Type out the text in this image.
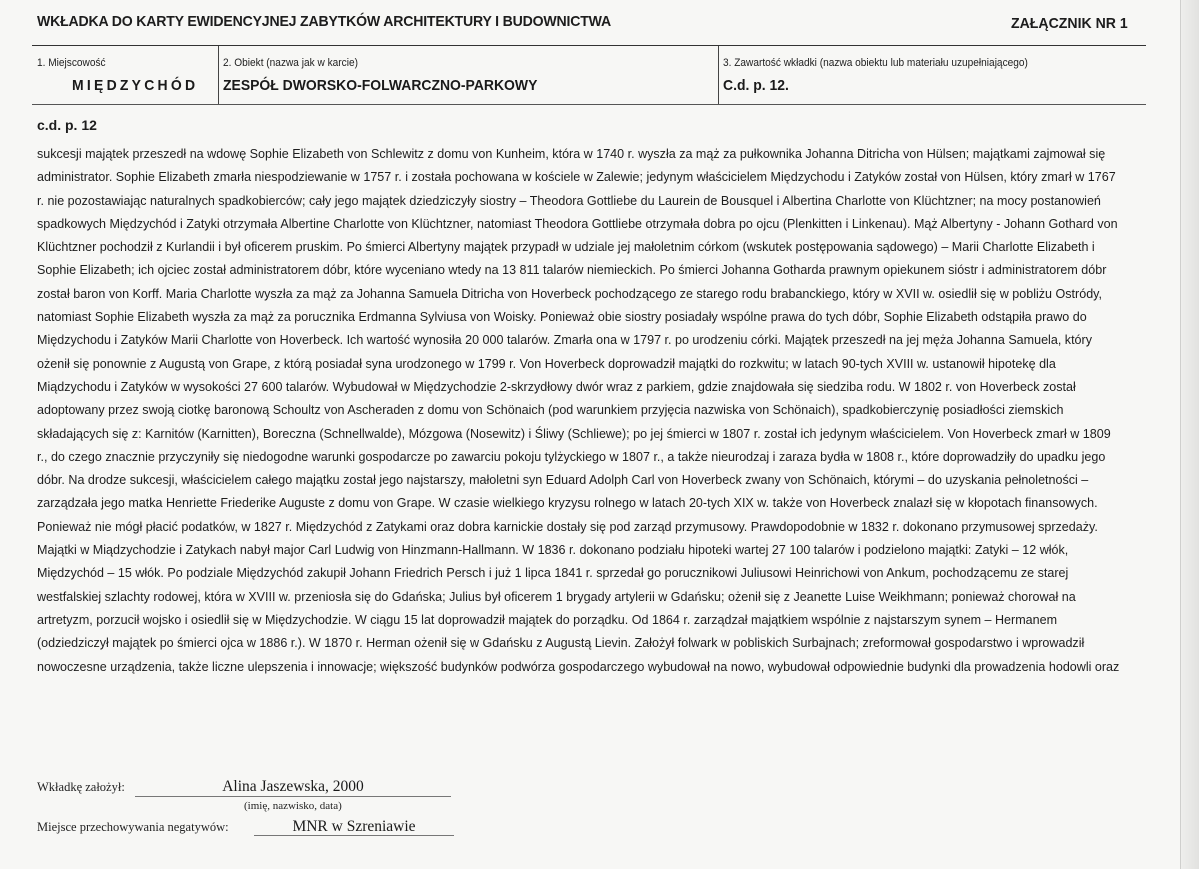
WKŁADKA DO KARTY EWIDENCYJNEJ ZABYTKÓW ARCHITEKTURY I BUDOWNICTWA	ZAŁĄCZNIK NR 1
1. Miejscowość
MIĘDZYCHÓD
2. Obiekt (nazwa jak w karcie)
ZESPÓŁ DWORSKO-FOLWARCZNO-PARKOWY
3. Zawartość wkładki (nazwa obiektu lub materiału uzupełniającego)
C.d. p. 12.
c.d. p. 12
sukcesji majątek przeszedł na wdowę Sophie Elizabeth von Schlewitz z domu von Kunheim, która w 1740 r. wyszła za mąż za pułkownika Johanna Ditricha von Hülsen; majątkami zajmował się
administrator. Sophie Elizabeth zmarła niespodziewanie w 1757 r. i została pochowana w kościele w Zalewie; jedynym właścicielem Międzychodu i Zatyków został von Hülsen, który zmarł w 1767
r. nie pozostawiając naturalnych spadkobierców; cały jego majątek dziedziczyły siostry – Theodora Gottliebe du Laurein de Bousquel i Albertina Charlotte von Klüchtzner; na mocy postanowień
spadkowych Międzychód i Zatyki otrzymała Albertine Charlotte von Klüchtzner, natomiast Theodora Gottliebe otrzymała dobra po ojcu (Plenkitten i Linkenau). Mąż Albertyny - Johann Gothard von
Klüchtzner pochodził z Kurlandii i był oficerem pruskim. Po śmierci Albertyny majątek przypadł w udziale jej małoletnim córkom (wskutek postępowania sądowego) – Marii Charlotte Elizabeth i
Sophie Elizabeth; ich ojciec został administratorem dóbr, które wyceniano wtedy na 13 811 talarów niemieckich. Po śmierci Johanna Gotharda prawnym opiekunem sióstr i administratorem dóbr
został baron von Korff. Maria Charlotte wyszła za mąż za Johanna Samuela Ditricha von Hoverbeck pochodzącego ze starego rodu brabanckiego, który w XVII w. osiedlił się w pobliżu Ostródy,
natomiast Sophie Elizabeth wyszła za mąż za porucznika Erdmanna Sylviusa von Woisky. Ponieważ obie siostry posiadały wspólne prawa do tych dóbr, Sophie Elizabeth odstąpiła prawo do
Międzychodu i Zatyków Marii Charlotte von Hoverbeck. Ich wartość wynosiła 20 000 talarów. Zmarła ona w 1797 r. po urodzeniu córki. Majątek przeszedł na jej męża Johanna Samuela, który
ożenił się ponownie z Augustą von Grape, z którą posiadał syna urodzonego w 1799 r. Von Hoverbeck doprowadził majątki do rozkwitu; w latach 90-tych XVIII w. ustanowił hipotekę dla
Miądzychodu i Zatyków w wysokości 27 600 talarów. Wybudował w Międzychodzie 2-skrzydłowy dwór wraz z parkiem, gdzie znajdowała się siedziba rodu. W 1802 r. von Hoverbeck został
adoptowany przez swoją ciotkę baronową Schoultz von Ascheraden z domu von Schönaich (pod warunkiem przyjęcia nazwiska von Schönaich), spadkobierczynię posiadłości ziemskich
składających się z: Karnitów (Karnitten), Boreczna (Schnellwalde), Mózgowa (Nosewitz) i Śliwy (Schliewe); po jej śmierci w 1807 r. został ich jedynym właścicielem. Von Hoverbeck zmarł w 1809
r., do czego znacznie przyczyniły się niedogodne warunki gospodarcze po zawarciu pokoju tylżyckiego w 1807 r., a także nieurodzaj i zaraza bydła w 1808 r., które doprowadziły do upadku jego
dóbr. Na drodze sukcesji, właścicielem całego majątku został jego najstarszy, małoletni syn Eduard Adolph Carl von Hoverbeck zwany von Schönaich, którymi – do uzyskania pełnoletności –
zarządzała jego matka Henriette Friederike Auguste z domu von Grape. W czasie wielkiego kryzysu rolnego w latach 20-tych XIX w. także von Hoverbeck znalazł się w kłopotach finansowych.
Ponieważ nie mógł płacić podatków, w 1827 r. Międzychód z Zatykami oraz dobra karnickie dostały się pod zarząd przymusowy. Prawdopodobnie w 1832 r. dokonano przymusowej sprzedaży.
Majątki w Miądzychodzie i Zatykach nabył major Carl Ludwig von Hinzmann-Hallmann. W 1836 r. dokonano podziału hipoteki wartej 27 100 talarów i podzielono majątki: Zatyki – 12 włók,
Międzychód – 15 włók. Po podziale Międzychód zakupił Johann Friedrich Persch i już 1 lipca 1841 r. sprzedał go porucznikowi Juliusowi Heinrichowi von Ankum, pochodzącemu ze starej
westfalskiej szlachty rodowej, która w XVIII w. przeniosła się do Gdańska; Julius był oficerem 1 brygady artylerii w Gdańsku; ożenił się z Jeanette Luise Weikhmann; ponieważ chorował na
artretyzm, porzucił wojsko i osiedlił się w Międzychodzie. W ciągu 15 lat doprowadził majątek do porządku. Od 1864 r. zarządzał majątkiem wspólnie z najstarszym synem – Hermanem
(odziedziczył majątek po śmierci ojca w 1886 r.). W 1870 r. Herman ożenił się w Gdańsku z Augustą Lievin. Założył folwark w pobliskich Surbajnach; zreformował gospodarstwo i wprowadził
nowoczesne urządzenia, także liczne ulepszenia i innowacje; większość budynków podwórza gospodarczego wybudował na nowo, wybudował odpowiednie budynki dla prowadzenia hodowli oraz
Wkładkę założył:	Alina Jaszewska, 2000
(imię, nazwisko, data)
Miejsce przechowywania negatywów:	MNR w Szreniawie
